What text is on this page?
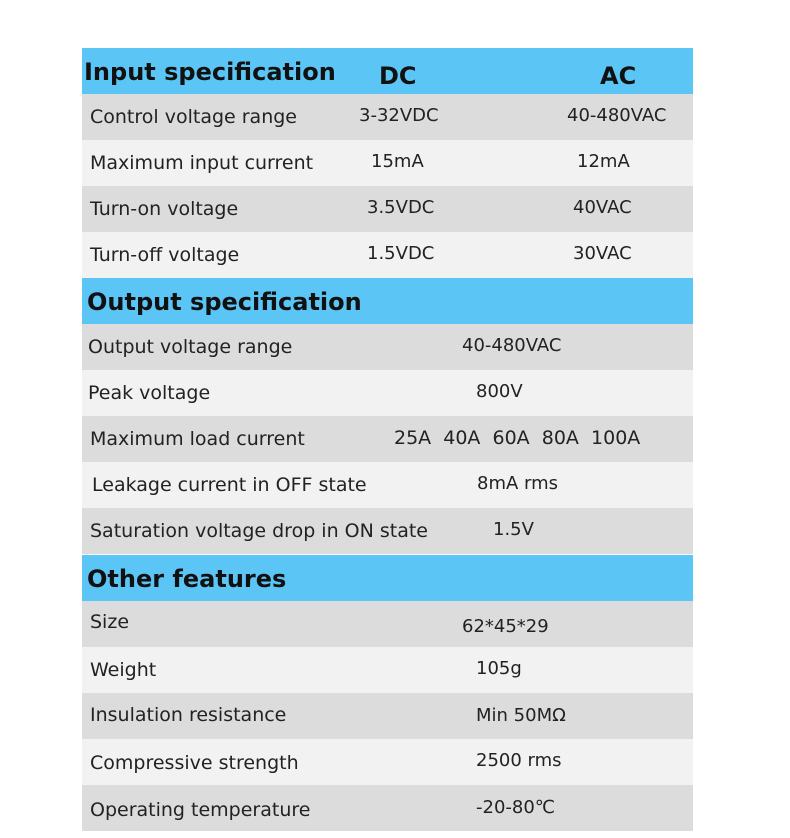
Input specification DC	AC
Control voltage range	3-32VDC	40-480VAC
Maximum input current	15mA	12mA
Turn-on voltage	3.5VDC	40VAC
Turn-off voltage	1.5VDC	30VAC
Output specification
Output voltage range	40-480VAC
Peak voltage	800V
Maximum load current	25A  40A  60A  80A  100A
Leakage current in OFF state	8mA rms
Saturation voltage drop in ON state	1.5V
Other features
Size	62*45*29
Weight	105g
Insulation resistance	Min 50MΩ
Compressive strength	2500 rms
Operating temperature	-20-80℃
